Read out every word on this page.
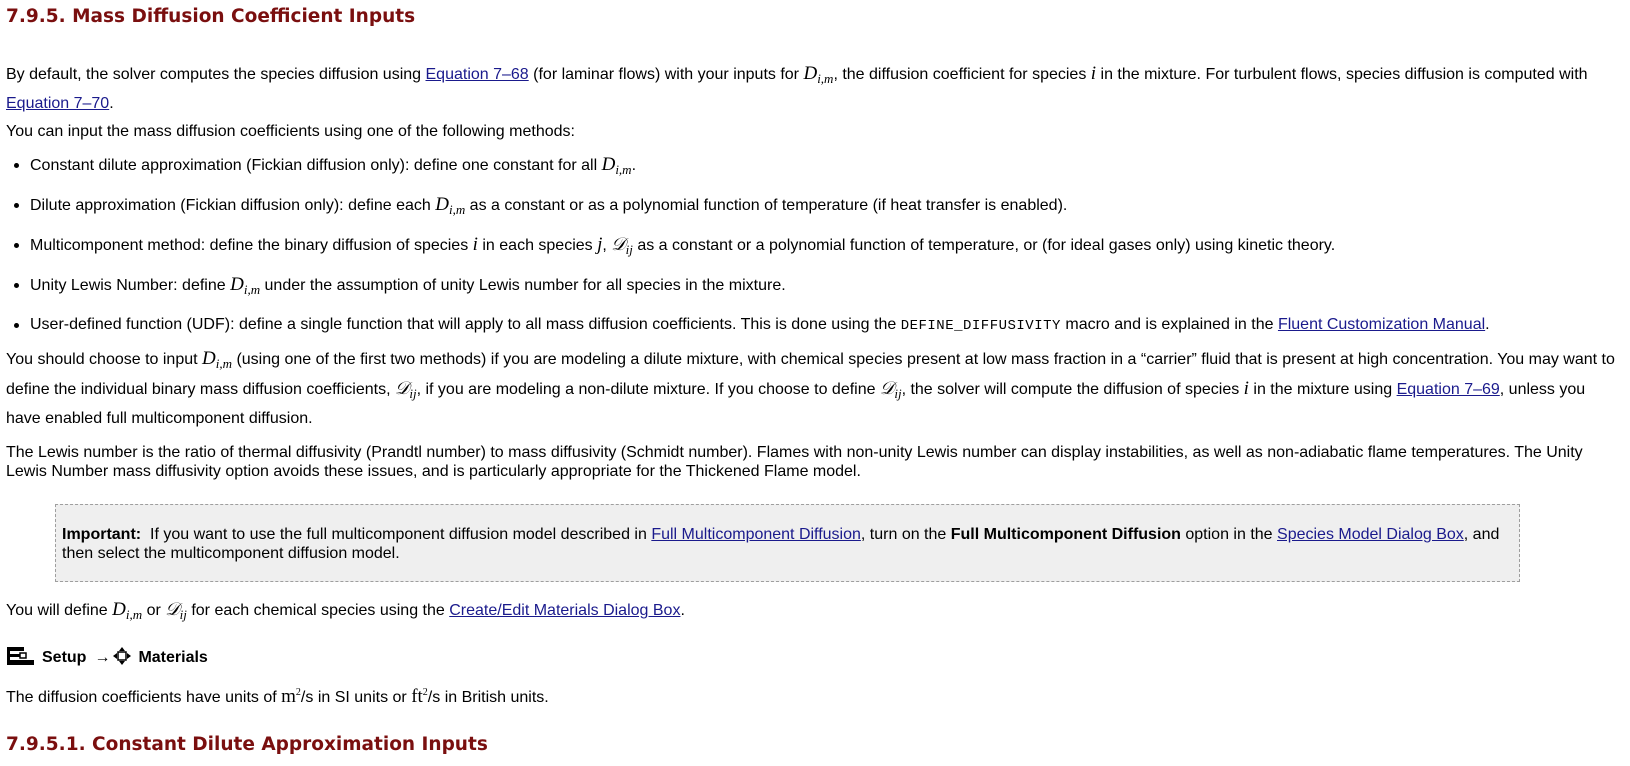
7.9.5. Mass Diffusion Coefficient Inputs
By default, the solver computes the species diffusion using Equation 7–68 (for laminar flows) with your inputs for $D_{i,m}$, the diffusion coefficient for species i in the mixture. For turbulent flows, species diffusion is computed with Equation 7–70.
You can input the mass diffusion coefficients using one of the following methods:
Constant dilute approximation (Fickian diffusion only): define one constant for all $D_{i,m}$.
Dilute approximation (Fickian diffusion only): define each $D_{i,m}$ as a constant or as a polynomial function of temperature (if heat transfer is enabled).
Multicomponent method: define the binary diffusion of species i in each species j, 𝒟$_{ij}$ as a constant or a polynomial function of temperature, or (for ideal gases only) using kinetic theory.
Unity Lewis Number: define $D_{i,m}$ under the assumption of unity Lewis number for all species in the mixture.
User-defined function (UDF): define a single function that will apply to all mass diffusion coefficients. This is done using the DEFINE_DIFFUSIVITY macro and is explained in the Fluent Customization Manual.
You should choose to input $D_{i,m}$ (using one of the first two methods) if you are modeling a dilute mixture, with chemical species present at low mass fraction in a “carrier” fluid that is present at high concentration. You may want to define the individual binary mass diffusion coefficients, 𝒟$_{ij}$, if you are modeling a non-dilute mixture. If you choose to define 𝒟$_{ij}$, the solver will compute the diffusion of species i in the mixture using Equation 7–69, unless you have enabled full multicomponent diffusion.
The Lewis number is the ratio of thermal diffusivity (Prandtl number) to mass diffusivity (Schmidt number). Flames with non-unity Lewis number can display instabilities, as well as non-adiabatic flame temperatures. The Unity Lewis Number mass diffusivity option avoids these issues, and is particularly appropriate for the Thickened Flame model.
Important:  If you want to use the full multicomponent diffusion model described in Full Multicomponent Diffusion, turn on the Full Multicomponent Diffusion option in the Species Model Dialog Box, and then select the multicomponent diffusion model.
You will define $D_{i,m}$ or 𝒟$_{ij}$ for each chemical species using the Create/Edit Materials Dialog Box.
Setup → Materials
The diffusion coefficients have units of $m^2/s$ in SI units or $ft^2/s$ in British units.
7.9.5.1. Constant Dilute Approximation Inputs
